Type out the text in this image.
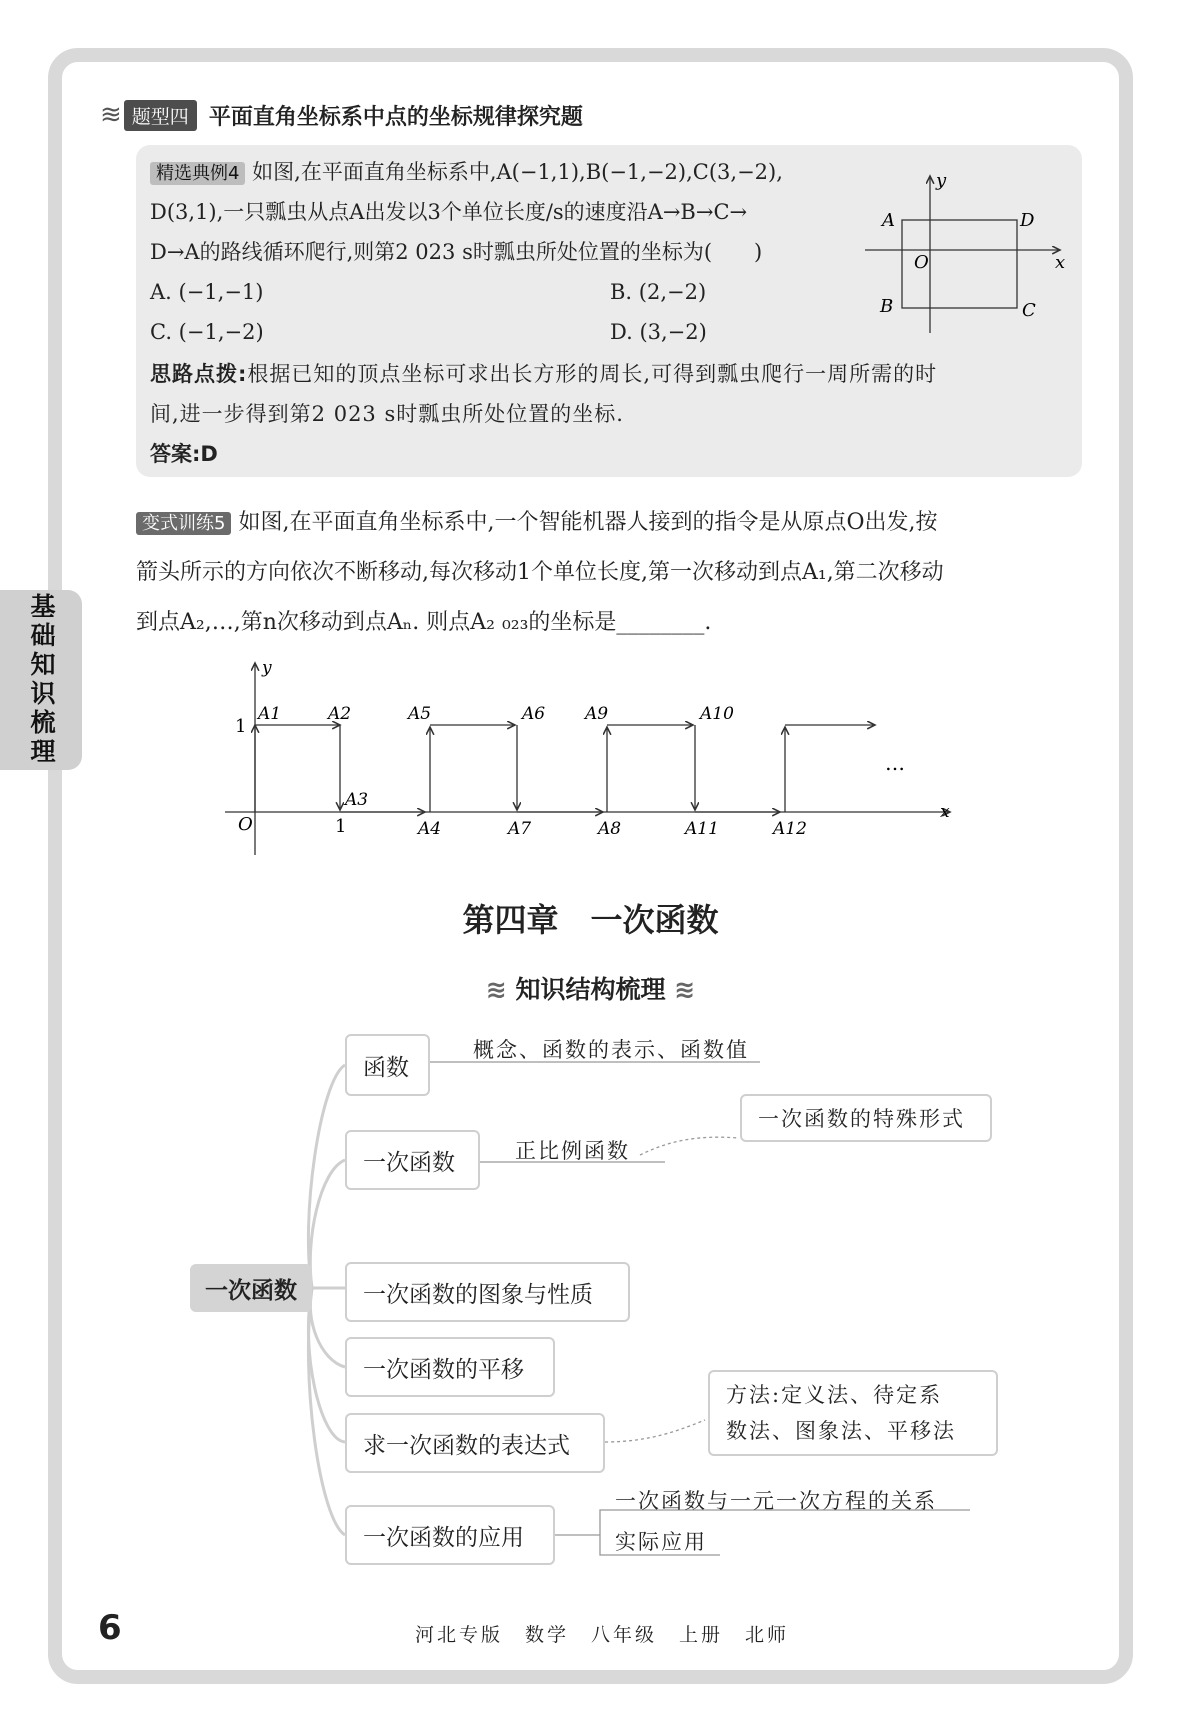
≋ 题型四 平面直角坐标系中点的坐标规律探究题
精选典例4 如图,在平面直角坐标系中,A(−1,1),B(−1,−2),C(3,−2),
D(3,1),一只瓢虫从点A出发以3个单位长度/s的速度沿A→B→C→
D→A的路线循环爬行,则第2 023 s时瓢虫所处位置的坐标为(　　)
A. (−1,−1)	B. (2,−2)
C. (−1,−2)	D. (3,−2)
思路点拨:根据已知的顶点坐标可求出长方形的周长,可得到瓢虫爬行一周所需的时
间,进一步得到第2 023 s时瓢虫所处位置的坐标.
答案:D
y
x
O
A	D
B	C
变式训练5 如图,在平面直角坐标系中,一个智能机器人接到的指令是从原点O出发,按
箭头所示的方向依次不断移动,每次移动1个单位长度,第一次移动到点A₁,第二次移动
到点A₂,…,第n次移动到点Aₙ. 则点A₂ ₀₂₃的坐标是________.
y
x
O
1
1
…
A1	A2
A3
A4
A5	A6
A7	A8
A9	A10
A11	A12
基础知识梳理
第四章　一次函数
≋ 知识结构梳理 ≋
一次函数
函数
概念、函数的表示、函数值
一次函数	正比例函数
一次函数的特殊形式
一次函数的图象与性质
一次函数的平移
求一次函数的表达式
方法:定义法、待定系
数法、图象法、平移法
一次函数的应用
一次函数与一元一次方程的关系
实际应用
6	河北专版　数学　八年级　上册　北师
